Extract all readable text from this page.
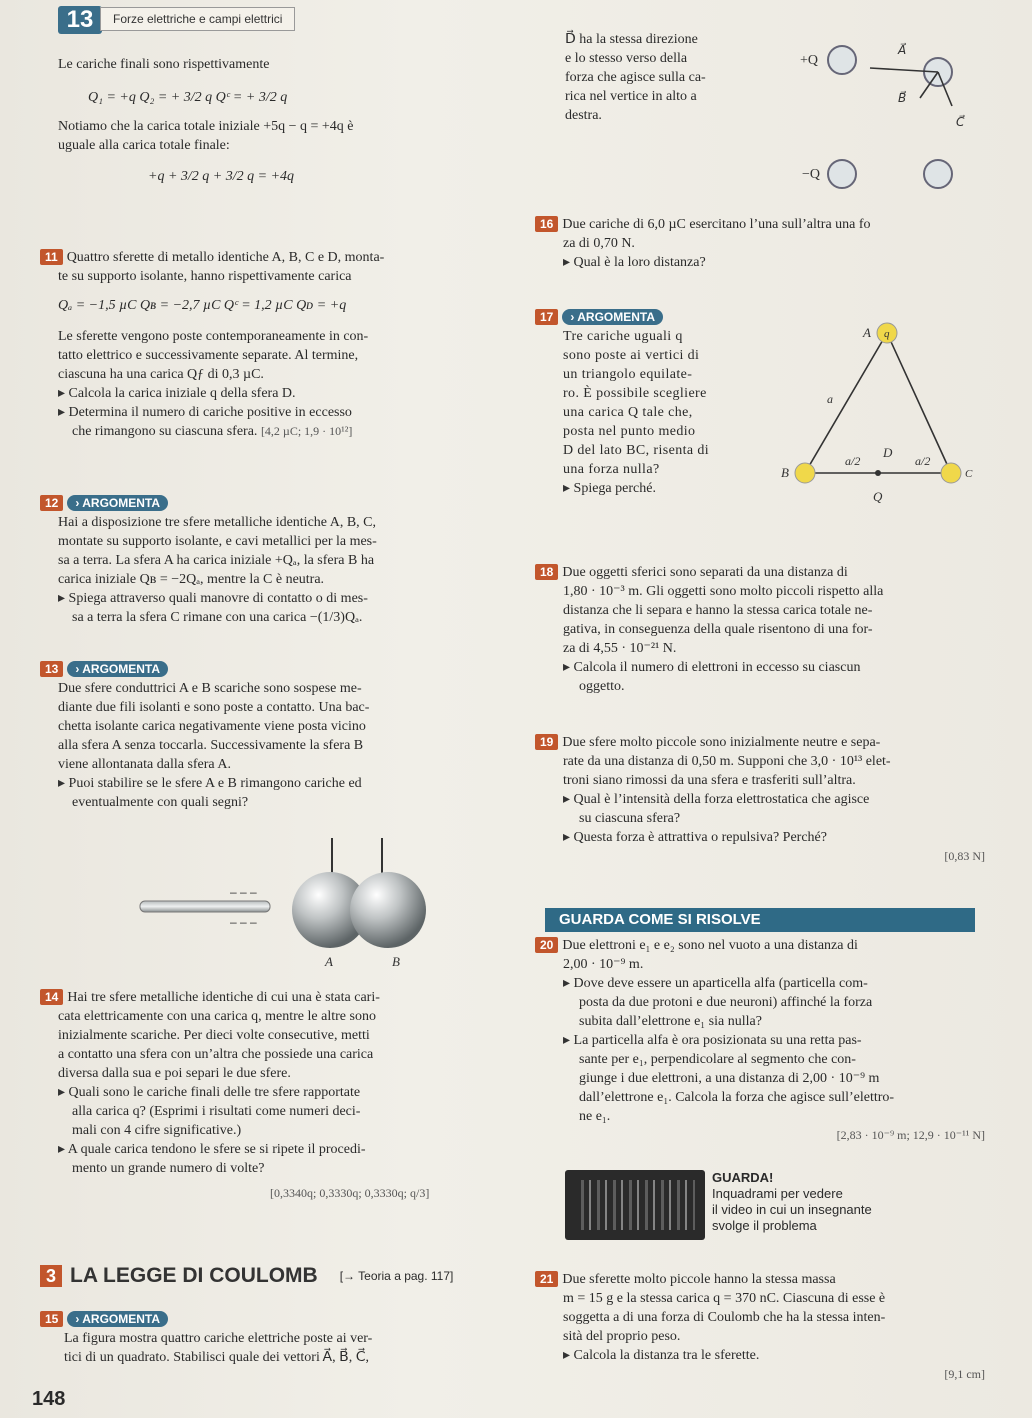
13	Forze elettriche e campi elettrici
Le cariche finali sono rispettivamente
Q₁ = +q Q₂ = + 3/2 q Qᶜ = + 3/2 q
Notiamo che la carica totale iniziale +5q − q = +4q è
uguale alla carica totale finale:
+q + 3/2 q + 3/2 q = +4q
11 Quattro sferette di metallo identiche A, B, C e D, monta-
te su supporto isolante, hanno rispettivamente carica
Qₐ = −1,5 µC Qʙ = −2,7 µC Qᶜ = 1,2 µC Qᴅ = +q
Le sferette vengono poste contemporaneamente in con-
tatto elettrico e successivamente separate. Al termine,
ciascuna ha una carica Qƒ di 0,3 µC.
▸ Calcola la carica iniziale q della sfera D.
▸ Determina il numero di cariche positive in eccesso
che rimangono su ciascuna sfera. [4,2 µC; 1,9 · 10¹²]
12 › ARGOMENTA
Hai a disposizione tre sfere metalliche identiche A, B, C,
montate su supporto isolante, e cavi metallici per la mes-
sa a terra. La sfera A ha carica iniziale +Qₐ, la sfera B ha
carica iniziale Qʙ = −2Qₐ, mentre la C è neutra.
▸ Spiega attraverso quali manovre di contatto o di mes-
sa a terra la sfera C rimane con una carica −(1/3)Qₐ.
13 › ARGOMENTA
Due sfere conduttrici A e B scariche sono sospese me-
diante due fili isolanti e sono poste a contatto. Una bac-
chetta isolante carica negativamente viene posta vicino
alla sfera A senza toccarla. Successivamente la sfera B
viene allontanata dalla sfera A.
▸ Puoi stabilire se le sfere A e B rimangono cariche ed
eventualmente con quali segni?
– – –
– – –
A	B
14 Hai tre sfere metalliche identiche di cui una è stata cari-
cata elettricamente con una carica q, mentre le altre sono
inizialmente scariche. Per dieci volte consecutive, metti
a contatto una sfera con un’altra che possiede una carica
diversa dalla sua e poi separi le due sfere.
▸ Quali sono le cariche finali delle tre sfere rapportate
alla carica q? (Esprimi i risultati come numeri deci-
mali con 4 cifre significative.)
▸ A quale carica tendono le sfere se si ripete il procedi-
mento un grande numero di volte?
[0,3340q; 0,3330q; 0,3330q; q/3]
3 LA LEGGE DI COULOMB [→ Teoria a pag. 117]
15 › ARGOMENTA
La figura mostra quattro cariche elettriche poste ai ver-
tici di un quadrato. Stabilisci quale dei vettori A⃗, B⃗, C⃗,
148
D⃗ ha la stessa direzione
e lo stesso verso della
forza che agisce sulla ca-
rica nel vertice in alto a
destra.
+Q
−Q
A⃗
B⃗
C⃗
16 Due cariche di 6,0 µC esercitano l’una sull’altra una fo
za di 0,70 N.
▸ Qual è la loro distanza?
17 › ARGOMENTA
Tre cariche uguali q
sono poste ai vertici di
un triangolo equilate-
ro. È possibile scegliere
una carica Q tale che,
posta nel punto medio
D del lato BC, risenta di
una forza nulla?
▸ Spiega perché.
A q
a
a/2	a/2
D
B	C
Q
18 Due oggetti sferici sono separati da una distanza di
1,80 · 10⁻³ m. Gli oggetti sono molto piccoli rispetto alla
distanza che li separa e hanno la stessa carica totale ne-
gativa, in conseguenza della quale risentono di una for-
za di 4,55 · 10⁻²¹ N.
▸ Calcola il numero di elettroni in eccesso su ciascun
oggetto.
19 Due sfere molto piccole sono inizialmente neutre e sepa-
rate da una distanza di 0,50 m. Supponi che 3,0 · 10¹³ elet-
troni siano rimossi da una sfera e trasferiti sull’altra.
▸ Qual è l’intensità della forza elettrostatica che agisce
su ciascuna sfera?
▸ Questa forza è attrattiva o repulsiva? Perché?
[0,83 N]
GUARDA COME SI RISOLVE
20 Due elettroni e₁ e e₂ sono nel vuoto a una distanza di
2,00 · 10⁻⁹ m.
▸ Dove deve essere un aparticella alfa (particella com-
posta da due protoni e due neuroni) affinché la forza
subita dall’elettrone e₁ sia nulla?
▸ La particella alfa è ora posizionata su una retta pas-
sante per e₁, perpendicolare al segmento che con-
giunge i due elettroni, a una distanza di 2,00 · 10⁻⁹ m
dall’elettrone e₁. Calcola la forza che agisce sull’elettro-
ne e₁.
[2,83 · 10⁻⁹ m; 12,9 · 10⁻¹¹ N]
GUARDA!
Inquadrami per vedere
il video in cui un insegnante
svolge il problema
21 Due sferette molto piccole hanno la stessa massa
m = 15 g e la stessa carica q = 370 nC. Ciascuna di esse è
soggetta a di una forza di Coulomb che ha la stessa inten-
sità del proprio peso.
▸ Calcola la distanza tra le sferette.
[9,1 cm]
